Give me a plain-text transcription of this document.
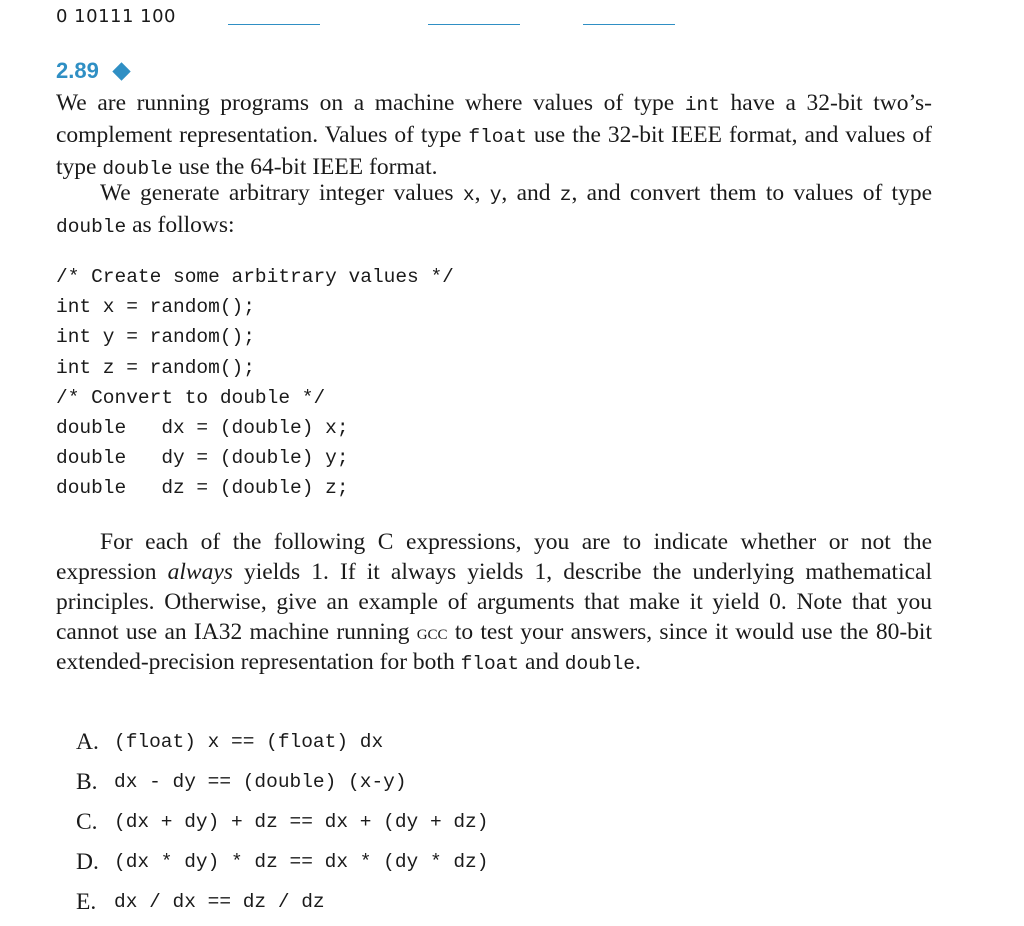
0 10111 100
2.89

We are running programs on a machine where values of type int have a 32-bit two’s-complement representation. Values of type float use the 32-bit IEEE format, and values of type double use the 64-bit IEEE format.

We generate arbitrary integer values x, y, and z, and convert them to values of type double as follows:

/* Create some arbitrary values */
int x = random();
int y = random();
int z = random();
/* Convert to double */
double   dx = (double) x;
double   dy = (double) y;
double   dz = (double) z;

For each of the following C expressions, you are to indicate whether or not the expression always yields 1. If it always yields 1, describe the underlying mathematical principles. Otherwise, give an example of arguments that make it yield 0. Note that you cannot use an IA32 machine running gcc to test your answers, since it would use the 80-bit extended-precision representation for both float and double.

A. (float) x == (float) dx
B. dx - dy == (double) (x-y)
C. (dx + dy) + dz == dx + (dy + dz)
D. (dx * dy) * dz == dx * (dy * dz)
E. dx / dx == dz / dz
